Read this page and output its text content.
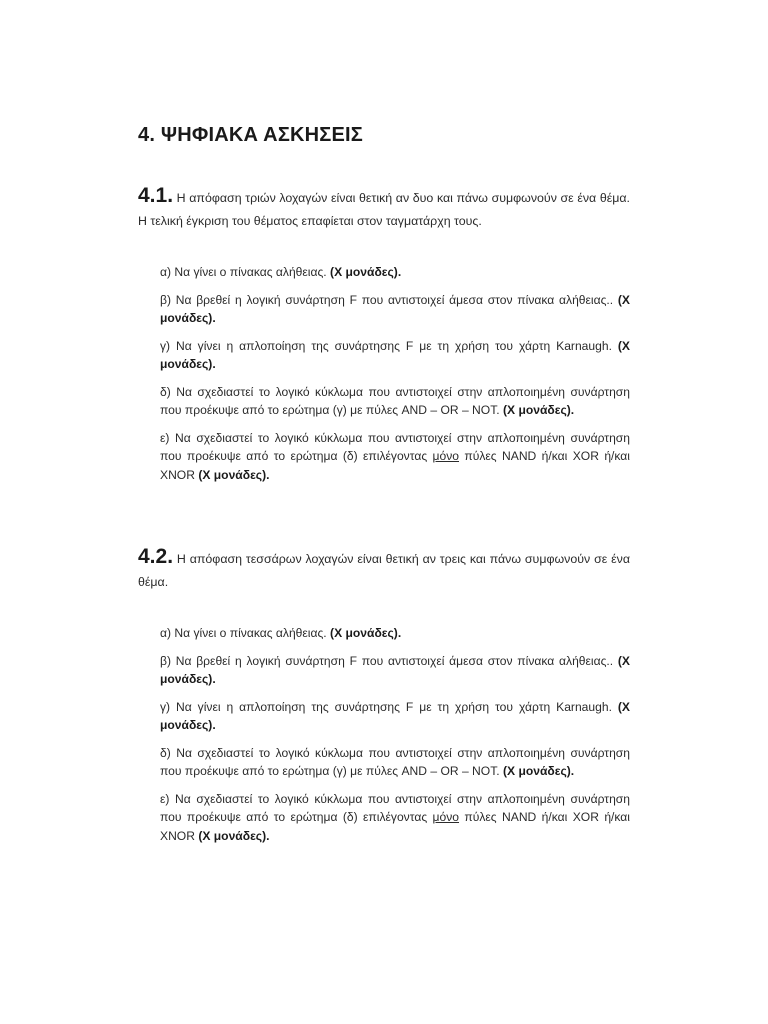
4. ΨΗΦΙΑΚΑ ΑΣΚΗΣΕΙΣ

4.1. Η απόφαση τριών λοχαγών είναι θετική αν δυο και πάνω συμφωνούν σε ένα θέμα. Η τελική έγκριση του θέματος επαφίεται στον ταγματάρχη τους.

α) Να γίνει ο πίνακας αλήθειας. (Χ μονάδες).
β) Να βρεθεί η λογική συνάρτηση F που αντιστοιχεί άμεσα στον πίνακα αλήθειας.. (Χ μονάδες).
γ) Να γίνει η απλοποίηση της συνάρτησης F με τη χρήση του χάρτη Karnaugh. (Χ μονάδες).
δ) Να σχεδιαστεί το λογικό κύκλωμα που αντιστοιχεί στην απλοποιημένη συνάρτηση που προέκυψε από το ερώτημα (γ) με πύλες AND – OR – NOT. (Χ μονάδες).
ε) Να σχεδιαστεί το λογικό κύκλωμα που αντιστοιχεί στην απλοποιημένη συνάρτηση που προέκυψε από το ερώτημα (δ) επιλέγοντας μόνο πύλες NAND ή/και XOR ή/και XNOR (Χ μονάδες).

4.2. Η απόφαση τεσσάρων λοχαγών είναι θετική αν τρεις και πάνω συμφωνούν σε ένα θέμα.

α) Να γίνει ο πίνακας αλήθειας. (Χ μονάδες).
β) Να βρεθεί η λογική συνάρτηση F που αντιστοιχεί άμεσα στον πίνακα αλήθειας.. (Χ μονάδες).
γ) Να γίνει η απλοποίηση της συνάρτησης F με τη χρήση του χάρτη Karnaugh. (Χ μονάδες).
δ) Να σχεδιαστεί το λογικό κύκλωμα που αντιστοιχεί στην απλοποιημένη συνάρτηση που προέκυψε από το ερώτημα (γ) με πύλες AND – OR – NOT. (Χ μονάδες).
ε) Να σχεδιαστεί το λογικό κύκλωμα που αντιστοιχεί στην απλοποιημένη συνάρτηση που προέκυψε από το ερώτημα (δ) επιλέγοντας μόνο πύλες NAND ή/και XOR ή/και XNOR (Χ μονάδες).
